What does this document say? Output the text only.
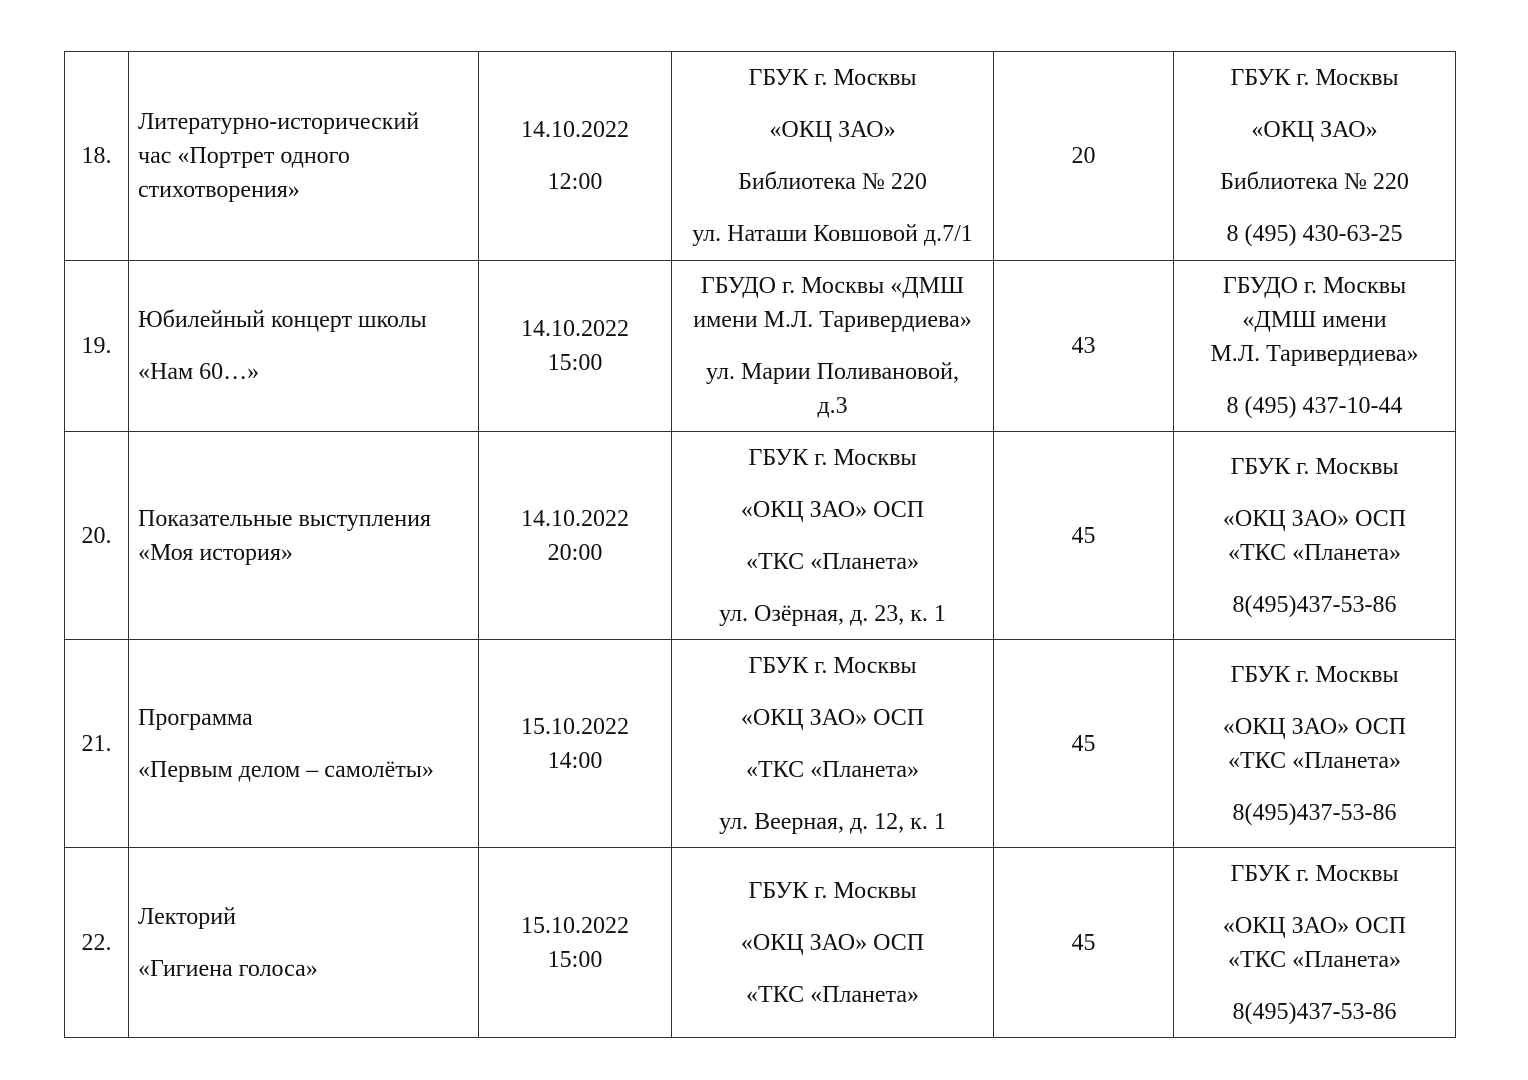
18.	Литературно-исторический
час «Портрет одного
стихотворения»	14.10.2022
12:00	ГБУК г. Москвы
«ОКЦ ЗАО»
Библиотека № 220
ул. Наташи Ковшовой д.7/1	20	ГБУК г. Москвы
«ОКЦ ЗАО»
Библиотека № 220
8 (495) 430-63-25

19.	Юбилейный концерт школы
«Нам 60…»	14.10.2022
15:00	ГБУДО г. Москвы «ДМШ
имени М.Л. Таривердиева»
ул. Марии Поливановой,
д.3	43	ГБУДО г. Москвы
«ДМШ имени
М.Л. Таривердиева»
8 (495) 437-10-44

20.	Показательные выступления
«Моя история»	14.10.2022
20:00	ГБУК г. Москвы
«ОКЦ ЗАО» ОСП
«ТКС «Планета»
ул. Озёрная, д. 23, к. 1	45	ГБУК г. Москвы
«ОКЦ ЗАО» ОСП
«ТКС «Планета»
8(495)437-53-86

21.	Программа
«Первым делом – самолёты»	15.10.2022
14:00	ГБУК г. Москвы
«ОКЦ ЗАО» ОСП
«ТКС «Планета»
ул. Веерная, д. 12, к. 1	45	ГБУК г. Москвы
«ОКЦ ЗАО» ОСП
«ТКС «Планета»
8(495)437-53-86

22.	Лекторий
«Гигиена голоса»	15.10.2022
15:00	ГБУК г. Москвы
«ОКЦ ЗАО» ОСП
«ТКС «Планета»	45	ГБУК г. Москвы
«ОКЦ ЗАО» ОСП
«ТКС «Планета»
8(495)437-53-86
